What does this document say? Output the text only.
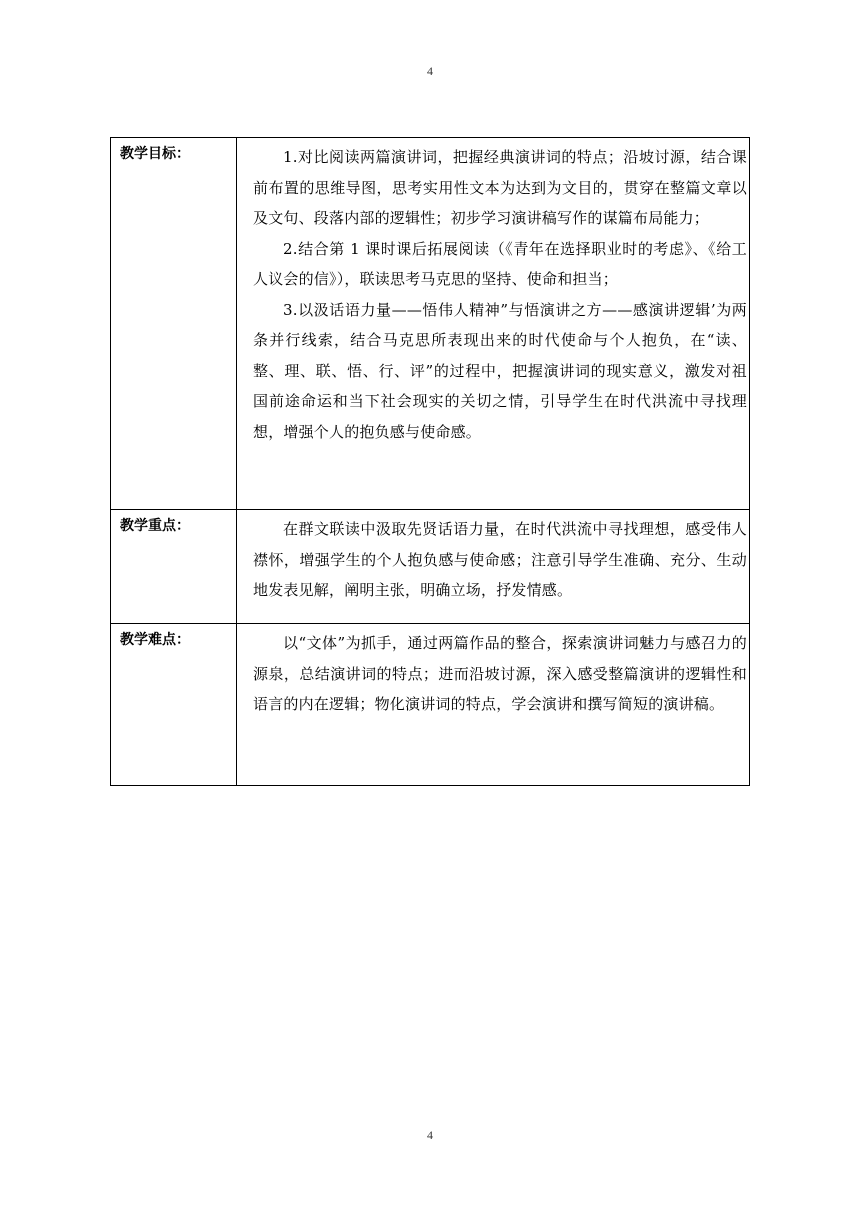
4
教学目标：	1.对比阅读两篇演讲词，把握经典演讲词的特点；沿坡讨源，结合课前布置的思维导图，思考实用性文本为达到为文目的，贯穿在整篇文章以及文句、段落内部的逻辑性；初步学习演讲稿写作的谋篇布局能力；

2.结合第 1 课时课后拓展阅读（《青年在选择职业时的考虑》、《给工人议会的信》），联读思考马克思的坚持、使命和担当；

3.以汲话语力量——悟伟人精神”与悟演讲之方——感演讲逻辑’为两条并行线索，结合马克思所表现出来的时代使命与个人抱负，在“读、整、理、联、悟、行、评”的过程中，把握演讲词的现实意义，激发对祖国前途命运和当下社会现实的关切之情，引导学生在时代洪流中寻找理想，增强个人的抱负感与使命感。

教学重点：	在群文联读中汲取先贤话语力量，在时代洪流中寻找理想，感受伟人襟怀，增强学生的个人抱负感与使命感；注意引导学生准确、充分、生动地发表见解，阐明主张，明确立场，抒发情感。

教学难点：	以“文体”为抓手，通过两篇作品的整合，探索演讲词魅力与感召力的源泉，总结演讲词的特点；进而沿坡讨源，深入感受整篇演讲的逻辑性和语言的内在逻辑；物化演讲词的特点，学会演讲和撰写简短的演讲稿。

4
